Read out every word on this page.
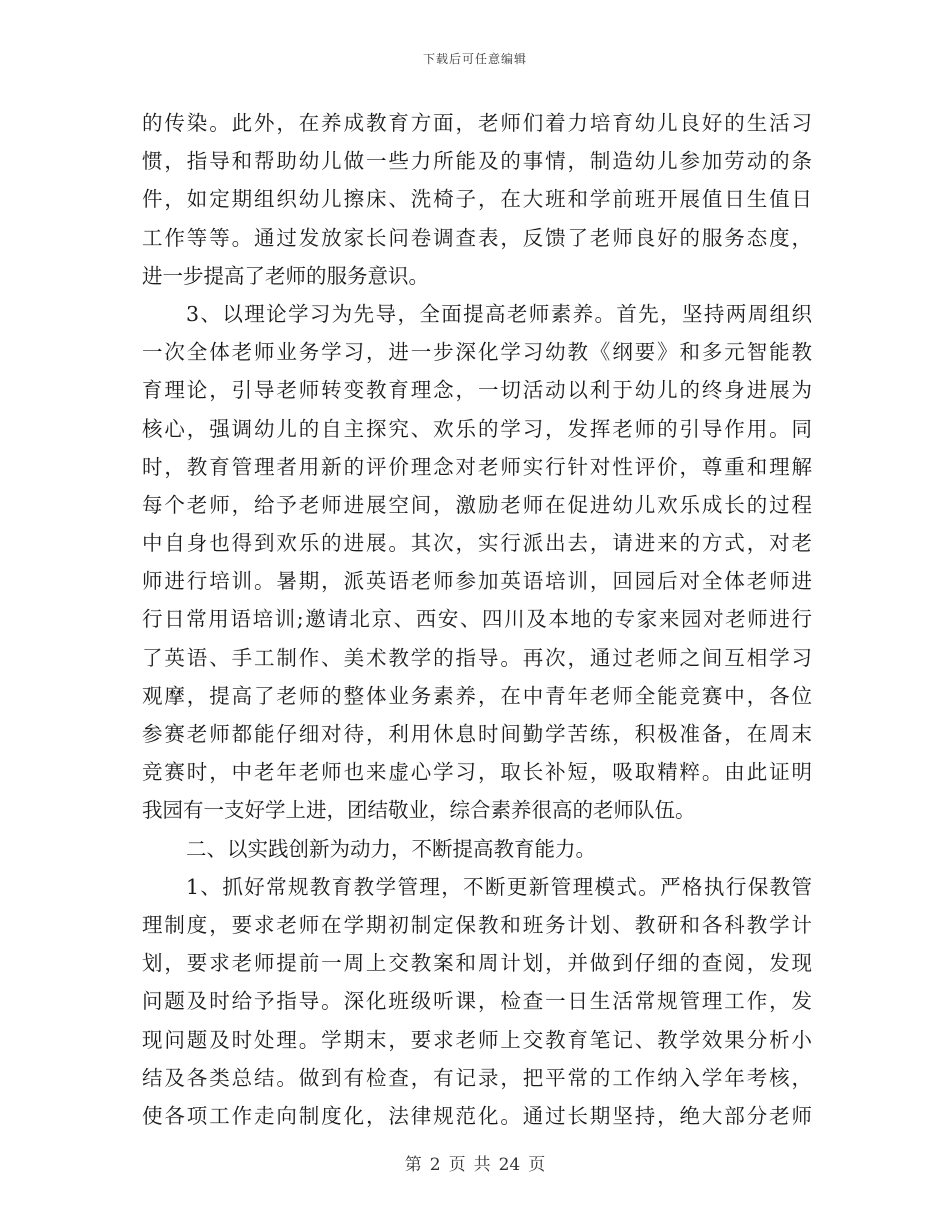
下载后可任意编辑
的传染。此外，在养成教育方面，老师们着力培育幼儿良好的生活习
惯，指导和帮助幼儿做一些力所能及的事情，制造幼儿参加劳动的条
件，如定期组织幼儿擦床、洗椅子，在大班和学前班开展值日生值日
工作等等。通过发放家长问卷调查表，反馈了老师良好的服务态度，
进一步提高了老师的服务意识。
3、以理论学习为先导，全面提高老师素养。首先，坚持两周组织
一次全体老师业务学习，进一步深化学习幼教《纲要》和多元智能教
育理论，引导老师转变教育理念，一切活动以利于幼儿的终身进展为
核心，强调幼儿的自主探究、欢乐的学习，发挥老师的引导作用。同
时，教育管理者用新的评价理念对老师实行针对性评价，尊重和理解
每个老师，给予老师进展空间，激励老师在促进幼儿欢乐成长的过程
中自身也得到欢乐的进展。其次，实行派出去，请进来的方式，对老
师进行培训。暑期，派英语老师参加英语培训，回园后对全体老师进
行日常用语培训;邀请北京、西安、四川及本地的专家来园对老师进行
了英语、手工制作、美术教学的指导。再次，通过老师之间互相学习
观摩，提高了老师的整体业务素养，在中青年老师全能竞赛中，各位
参赛老师都能仔细对待，利用休息时间勤学苦练，积极准备，在周末
竞赛时，中老年老师也来虚心学习，取长补短，吸取精粹。由此证明
我园有一支好学上进，团结敬业，综合素养很高的老师队伍。
二、以实践创新为动力，不断提高教育能力。
1、抓好常规教育教学管理，不断更新管理模式。严格执行保教管
理制度，要求老师在学期初制定保教和班务计划、教研和各科教学计
划，要求老师提前一周上交教案和周计划，并做到仔细的查阅，发现
问题及时给予指导。深化班级听课，检查一日生活常规管理工作，发
现问题及时处理。学期末，要求老师上交教育笔记、教学效果分析小
结及各类总结。做到有检查，有记录，把平常的工作纳入学年考核，
使各项工作走向制度化，法律规范化。通过长期坚持，绝大部分老师
第 2 页 共 24 页
